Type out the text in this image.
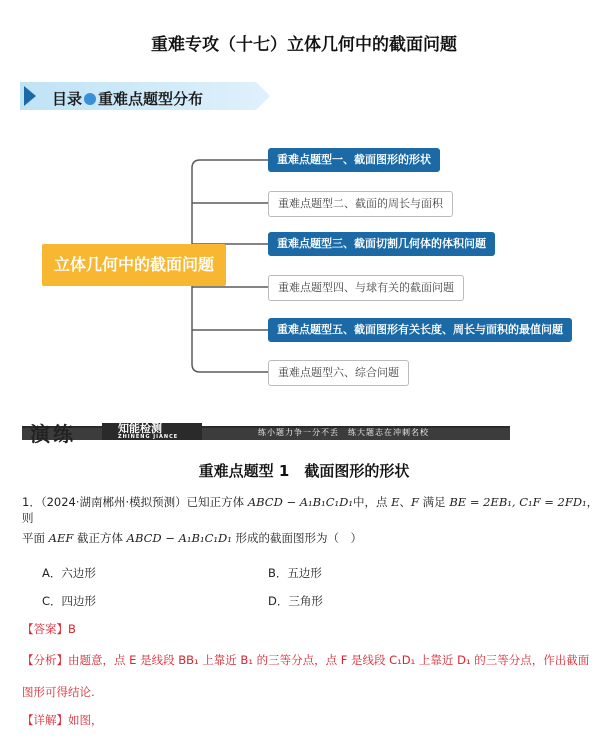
重难专攻（十七）立体几何中的截面问题
目录 重难点题型分布
立体几何中的截面问题
重难点题型一、截面图形的形状
重难点题型二、截面的周长与面积
重难点题型三、截面切割几何体的体积问题
重难点题型四、与球有关的截面问题
重难点题型五、截面图形有关长度、周长与面积的最值问题
重难点题型六、综合问题
演练	知能检测
ZHINENG JIANCE	练小题力争一分不丢　练大题志在冲刺名校
重难点题型 1　截面图形的形状
1．（2024·湖南郴州·模拟预测）已知正方体 ABCD − A₁B₁C₁D₁中，点 E、F 满足 BE = 2EB₁, C₁F = 2FD₁，则
平面 AEF 截正方体 ABCD − A₁B₁C₁D₁ 形成的截面图形为（　）
A．六边形	B．五边形
C．四边形	D．三角形
【答案】B
【分析】由题意，点 E 是线段 BB₁ 上靠近 B₁ 的三等分点，点 F 是线段 C₁D₁ 上靠近 D₁ 的三等分点，作出截面
图形可得结论.
【详解】如图，
